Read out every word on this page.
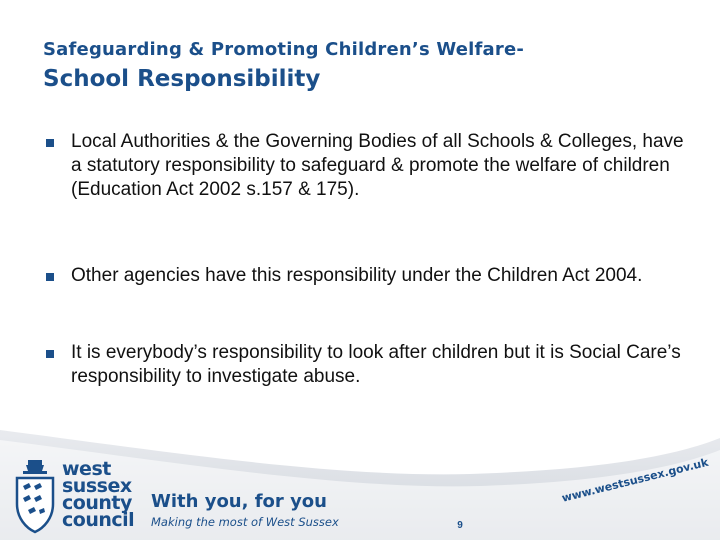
Safeguarding & Promoting Children’s Welfare-
School Responsibility
Local Authorities & the Governing Bodies of all Schools & Colleges, have a statutory responsibility to safeguard & promote the welfare of children (Education Act 2002 s.157 & 175).
Other agencies have this responsibility under the Children Act 2004.
It is everybody’s responsibility to look after children but it is Social Care’s responsibility to investigate abuse.
west
sussex
county
council
With you, for you
Making the most of West Sussex	9
www.westsussex.gov.uk
